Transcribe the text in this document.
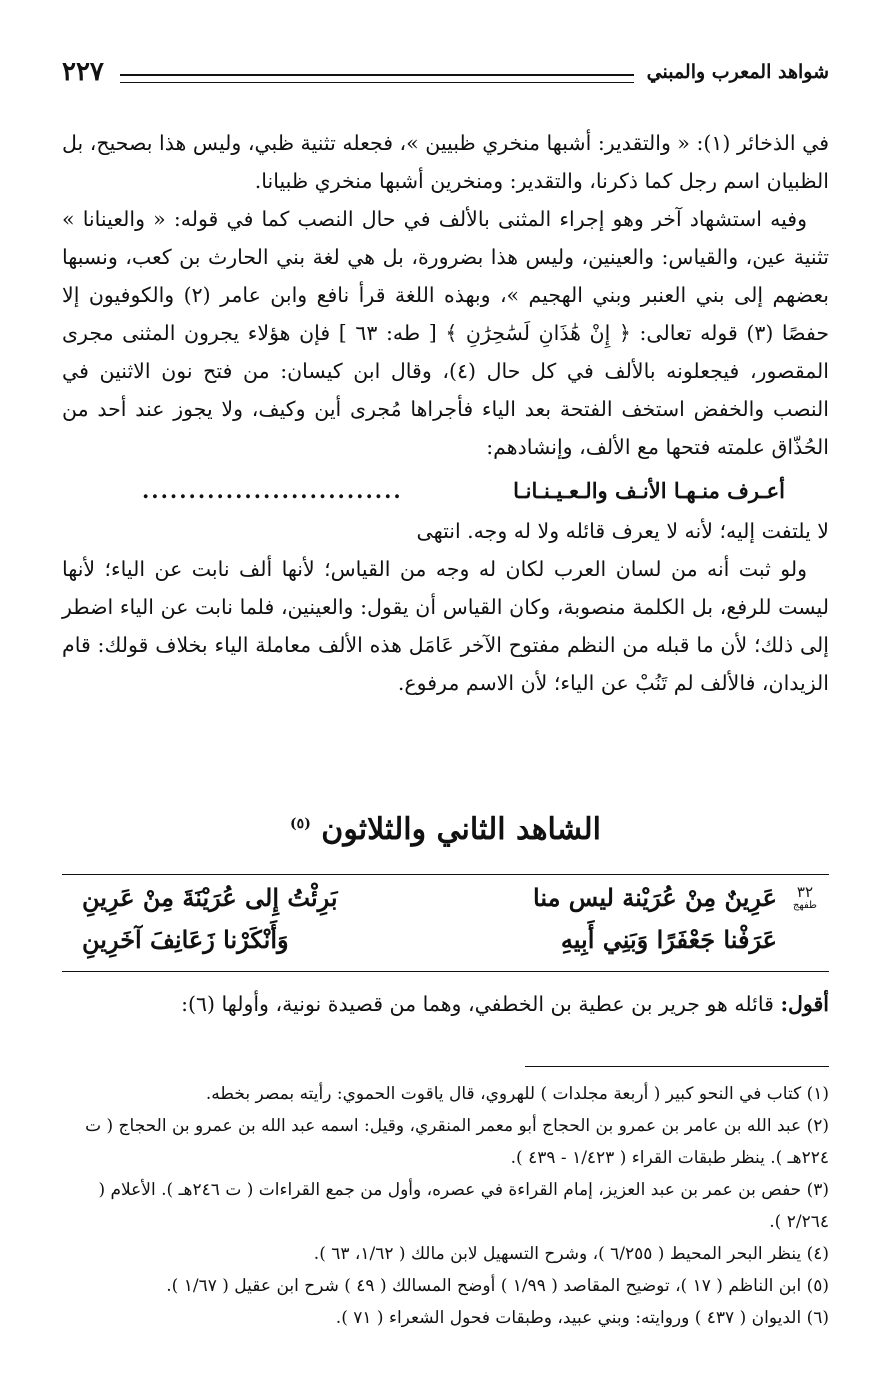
شواهد المعرب والمبني
٢٢٧

في الذخائر (١): « والتقدير: أشبها منخري ظبيين »، فجعله تثنية ظبي، وليس هذا بصحيح، بل الظبيان اسم رجل كما ذكرنا، والتقدير: ومنخرين أشبها منخري ظبيانا.

وفيه استشهاد آخر وهو إجراء المثنى بالألف في حال النصب كما في قوله: « والعينانا » تثنية عين، والقياس: والعينين، وليس هذا بضرورة، بل هي لغة بني الحارث بن كعب، ونسبها بعضهم إلى بني العنبر وبني الهجيم »، وبهذه اللغة قرأ نافع وابن عامر (٢) والكوفيون إلا حفصًا (٣) قوله تعالى: ﴿ إِنْ هَٰذَانِ لَسَٰحِرَٰنِ ﴾ [ طه: ٦٣ ] فإن هؤلاء يجرون المثنى مجرى المقصور، فيجعلونه بالألف في كل حال (٤)، وقال ابن كيسان: من فتح نون الاثنين في النصب والخفض استخف الفتحة بعد الياء فأجراها مُجرى أين وكيف، ولا يجوز عند أحد من الحُذّاق علمته فتحها مع الألف، وإنشادهم:

أعـرف منـهـا الأنـف والـعـيـنـانـا
............................

لا يلتفت إليه؛ لأنه لا يعرف قائله ولا له وجه. انتهى

ولو ثبت أنه من لسان العرب لكان له وجه من القياس؛ لأنها ألف نابت عن الياء؛ لأنها ليست للرفع، بل الكلمة منصوبة، وكان القياس أن يقول: والعينين، فلما نابت عن الياء اضطر إلى ذلك؛ لأن ما قبله من النظم مفتوح الآخر عَامَل هذه الألف معاملة الياء بخلاف قولك: قام الزيدان، فالألف لم تَنُبْ عن الياء؛ لأن الاسم مرفوع.

الشاهد الثاني والثلاثون $^{(٥)}$
٣٢
طفهج
عَرِينٌ مِنْ عُرَيْنة ليس منا
بَرِئْتُ إِلى عُرَيْنَةَ مِنْ عَرِينِ
عَرَفْنا جَعْفَرًا وَبَنِي أَبِيهِ
وَأَنْكَرْنا زَعَانِفَ آخَرِينِ
أقول: قائله هو جرير بن عطية بن الخطفي، وهما من قصيدة نونية، وأولها (٦):
(١) كتاب في النحو كبير ( أربعة مجلدات ) للهروي، قال ياقوت الحموي: رأيته بمصر بخطه.
(٢) عبد الله بن عامر بن عمرو بن الحجاج أبو معمر المنقري، وقيل: اسمه عبد الله بن عمرو بن الحجاج ( ت ٢٢٤هـ ). ينظر طبقات القراء ( ١/٤٢٣ - ٤٣٩ ).
(٣) حفص بن عمر بن عبد العزيز، إمام القراءة في عصره، وأول من جمع القراءات ( ت ٢٤٦هـ ). الأعلام ( ٢/٢٦٤ ).
(٤) ينظر البحر المحيط ( ٦/٢٥٥ )، وشرح التسهيل لابن مالك ( ١/٦٢، ٦٣ ).
(٥) ابن الناظم ( ١٧ )، توضيح المقاصد ( ١/٩٩ ) أوضح المسالك ( ٤٩ ) شرح ابن عقيل ( ١/٦٧ ).
(٦) الديوان ( ٤٣٧ ) وروايته: وبني عبيد، وطبقات فحول الشعراء ( ٧١ ).
